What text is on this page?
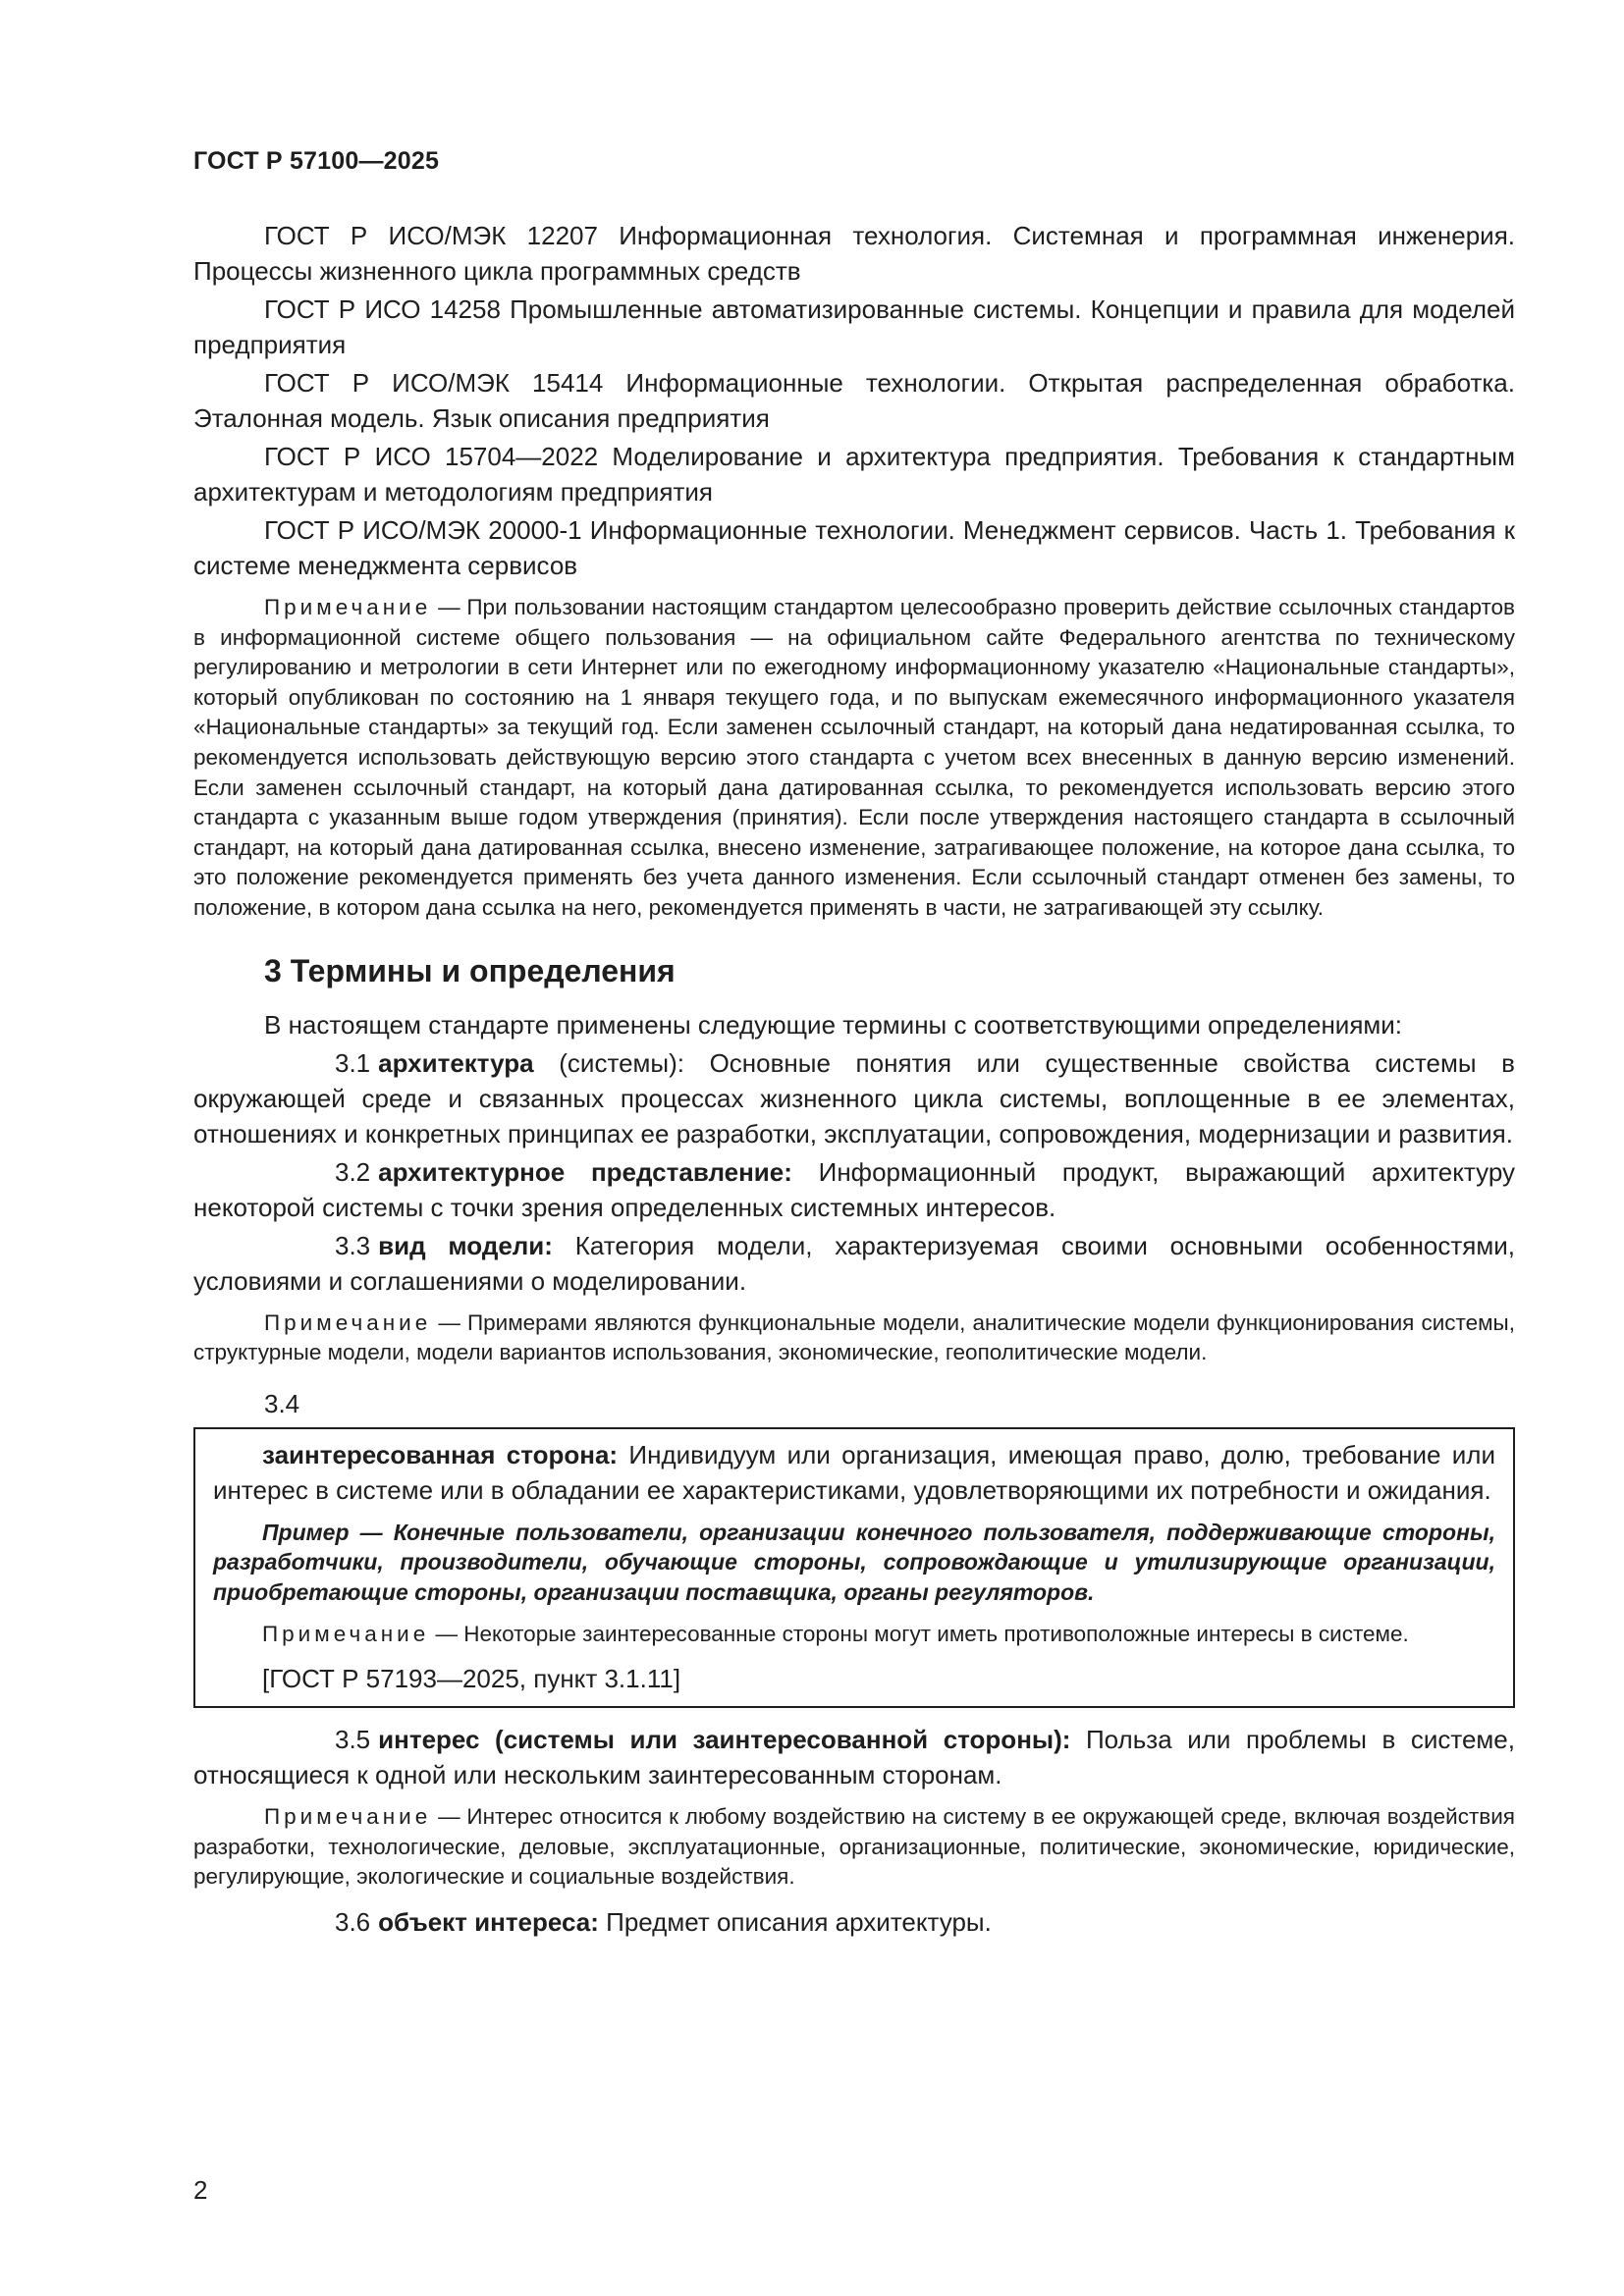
ГОСТ Р 57100—2025

ГОСТ Р ИСО/МЭК 12207 Информационная технология. Системная и программная инженерия. Процессы жизненного цикла программных средств

ГОСТ Р ИСО 14258 Промышленные автоматизированные системы. Концепции и правила для моделей предприятия

ГОСТ Р ИСО/МЭК 15414 Информационные технологии. Открытая распределенная обработка. Эталонная модель. Язык описания предприятия

ГОСТ Р ИСО 15704—2022 Моделирование и архитектура предприятия. Требования к стандартным архитектурам и методологиям предприятия

ГОСТ Р ИСО/МЭК 20000-1 Информационные технологии. Менеджмент сервисов. Часть 1. Требования к системе менеджмента сервисов

Примечание — При пользовании настоящим стандартом целесообразно проверить действие ссылочных стандартов в информационной системе общего пользования — на официальном сайте Федерального агентства по техническому регулированию и метрологии в сети Интернет или по ежегодному информационному указателю «Национальные стандарты», который опубликован по состоянию на 1 января текущего года, и по выпускам ежемесячного информационного указателя «Национальные стандарты» за текущий год. Если заменен ссылочный стандарт, на который дана недатированная ссылка, то рекомендуется использовать действующую версию этого стандарта с учетом всех внесенных в данную версию изменений. Если заменен ссылочный стандарт, на который дана датированная ссылка, то рекомендуется использовать версию этого стандарта с указанным выше годом утверждения (принятия). Если после утверждения настоящего стандарта в ссылочный стандарт, на который дана датированная ссылка, внесено изменение, затрагивающее положение, на которое дана ссылка, то это положение рекомендуется применять без учета данного изменения. Если ссылочный стандарт отменен без замены, то положение, в котором дана ссылка на него, рекомендуется применять в части, не затрагивающей эту ссылку.

3 Термины и определения

В настоящем стандарте применены следующие термины с соответствующими определениями:

3.1 архитектура (системы): Основные понятия или существенные свойства системы в окружающей среде и связанных процессах жизненного цикла системы, воплощенные в ее элементах, отношениях и конкретных принципах ее разработки, эксплуатации, сопровождения, модернизации и развития.

3.2 архитектурное представление: Информационный продукт, выражающий архитектуру некоторой системы с точки зрения определенных системных интересов.

3.3 вид модели: Категория модели, характеризуемая своими основными особенностями, условиями и соглашениями о моделировании.

Примечание — Примерами являются функциональные модели, аналитические модели функционирования системы, структурные модели, модели вариантов использования, экономические, геополитические модели.

3.4

заинтересованная сторона: Индивидуум или организация, имеющая право, долю, требование или интерес в системе или в обладании ее характеристиками, удовлетворяющими их потребности и ожидания.

Пример — Конечные пользователи, организации конечного пользователя, поддерживающие стороны, разработчики, производители, обучающие стороны, сопровождающие и утилизирующие организации, приобретающие стороны, организации поставщика, органы регуляторов.

Примечание — Некоторые заинтересованные стороны могут иметь противоположные интересы в системе.

[ГОСТ Р 57193—2025, пункт 3.1.11]

3.5 интерес (системы или заинтересованной стороны): Польза или проблемы в системе, относящиеся к одной или нескольким заинтересованным сторонам.

Примечание — Интерес относится к любому воздействию на систему в ее окружающей среде, включая воздействия разработки, технологические, деловые, эксплуатационные, организационные, политические, экономические, юридические, регулирующие, экологические и социальные воздействия.

3.6 объект интереса: Предмет описания архитектуры.

2
